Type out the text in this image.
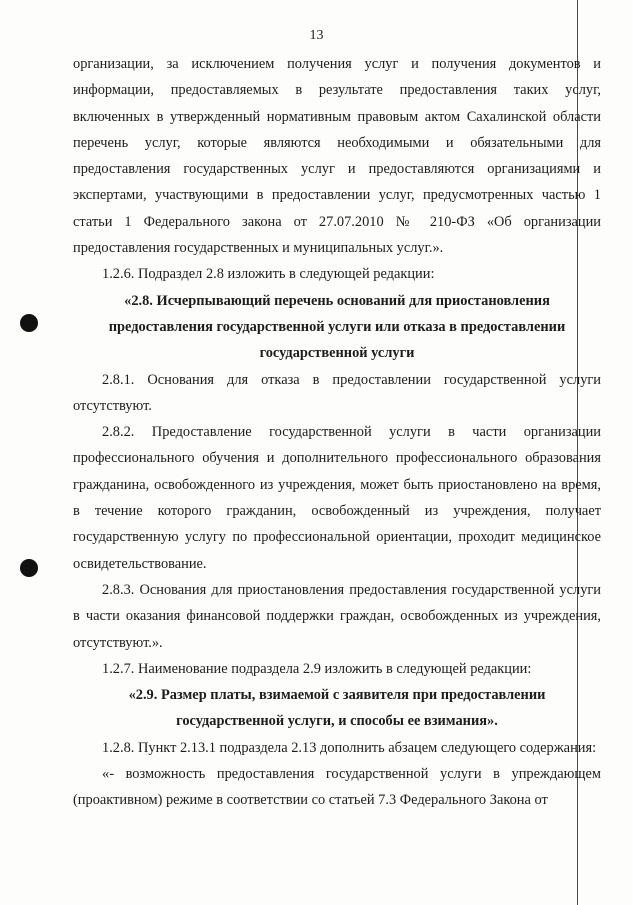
13

организации, за исключением получения услуг и получения документов и информации, предоставляемых в результате предоставления таких услуг, включенных в утвержденный нормативным правовым актом Сахалинской области перечень услуг, которые являются необходимыми и обязательными для предоставления государственных услуг и предоставляются организациями и экспертами, участвующими в предоставлении услуг, предусмотренных частью 1 статьи 1 Федерального закона от 27.07.2010 № 210-ФЗ «Об организации предоставления государственных и муниципальных услуг.».

1.2.6. Подраздел 2.8 изложить в следующей редакции:

«2.8. Исчерпывающий перечень оснований для приостановления предоставления государственной услуги или отказа в предоставлении государственной услуги

2.8.1. Основания для отказа в предоставлении государственной услуги отсутствуют.

2.8.2. Предоставление государственной услуги в части организации профессионального обучения и дополнительного профессионального образования гражданина, освобожденного из учреждения, может быть приостановлено на время, в течение которого гражданин, освобожденный из учреждения, получает государственную услугу по профессиональной ориентации, проходит медицинское освидетельствование.

2.8.3. Основания для приостановления предоставления государственной услуги в части оказания финансовой поддержки граждан, освобожденных из учреждения, отсутствуют.».

1.2.7. Наименование подраздела 2.9 изложить в следующей редакции:

«2.9. Размер платы, взимаемой с заявителя при предоставлении государственной услуги, и способы ее взимания».

1.2.8. Пункт 2.13.1 подраздела 2.13 дополнить абзацем следующего содержания:

«- возможность предоставления государственной услуги в упреждающем (проактивном) режиме в соответствии со статьей 7.3 Федерального Закона от
